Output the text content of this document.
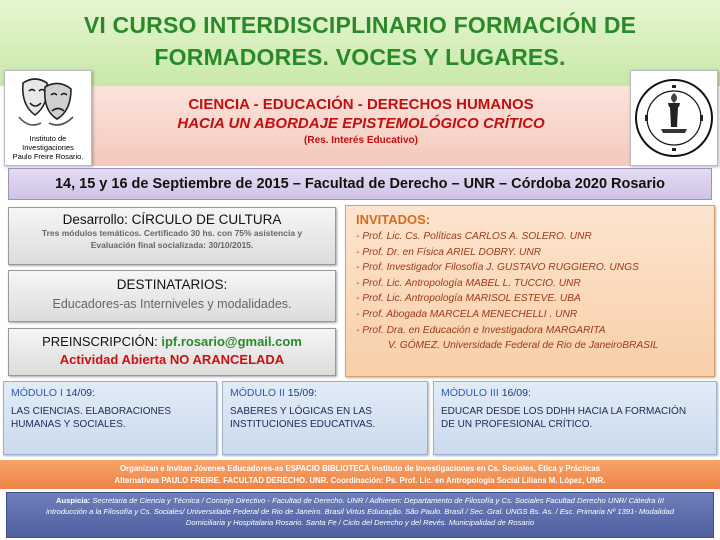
VI CURSO INTERDISCIPLINARIO FORMACIÓN DE
FORMADORES. VOCES Y LUGARES.
CIENCIA - EDUCACIÓN - DERECHOS HUMANOS
HACIA UN ABORDAJE EPISTEMOLÓGICO CRÍTICO
(Res. Interés Educativo)
Instituto de Investigaciones
Paulo Freire Rosario.
14, 15 y 16 de Septiembre de 2015 – Facultad de Derecho – UNR – Córdoba 2020 Rosario
Desarrollo: CÍRCULO DE CULTURA
Tres módulos temáticos. Certificado 30 hs. con 75% asistencia y
Evaluación final socializada: 30/10/2015.
DESTINATARIOS:
Educadores-as Interniveles y modalidades.
PREINSCRIPCIÓN: ipf.rosario@gmail.com
Actividad Abierta NO ARANCELADA
INVITADOS:
- Prof. Lic. Cs. Políticas CARLOS A. SOLERO. UNR
- Prof. Dr. en Física ARIEL DOBRY. UNR
- Prof. Investigador Filosofía J. GUSTAVO RUGGIERO. UNGS
- Prof. Lic. Antropología MABEL L. TUCCIO. UNR
- Prof. Lic. Antropología MARISOL ESTEVE. UBA
- Prof. Abogada MARCELA MENECHELLI . UNR
- Prof. Dra. en Educación e Investigadora MARGARITA
V. GÓMEZ. Universidade Federal de Rio de JaneiroBRASIL
MÓDULO I 14/09:
LAS CIENCIAS. ELABORACIONES
HUMANAS Y SOCIALES.
MÓDULO II 15/09:
SABERES Y LÓGICAS EN LAS
INSTITUCIONES EDUCATIVAS.
MÓDULO III 16/09:
EDUCAR DESDE LOS DDHH HACIA LA FORMACIÓN
DE UN PROFESIONAL CRÍTICO.
Organizan e Invitan Jóvenes Educadores-as ESPACIO BIBLIOTECA Instituto de Investigaciones en Cs. Sociales, Ética y Prácticas
Alternativas PAULO FREIRE. FACULTAD DERECHO. UNR. Coordinación: Ps. Prof. Lic. en Antropología Social Lilians M. López, UNR.
Auspicia: Secretaria de Ciencia y Técnica / Consejo Directivo - Facultad de Derecho. UNR / Adhieren: Departamento de Filosofía y Cs. Sociales Facultad Derecho UNR/ Cátedra III
introducción a la Filosofía y Cs. Sociales/ Universidade Federal de Rio de Janeiro. Brasil Virtus Educação. São Paulo. Brasil / Sec. Gral. UNGS Bs. As. / Esc. Primaria Nº 1391- Modalidad
Domiciliaria y Hospitalaria Rosario. Santa Fe / Ciclo del Derecho y del Revés. Municipalidad de Rosario
